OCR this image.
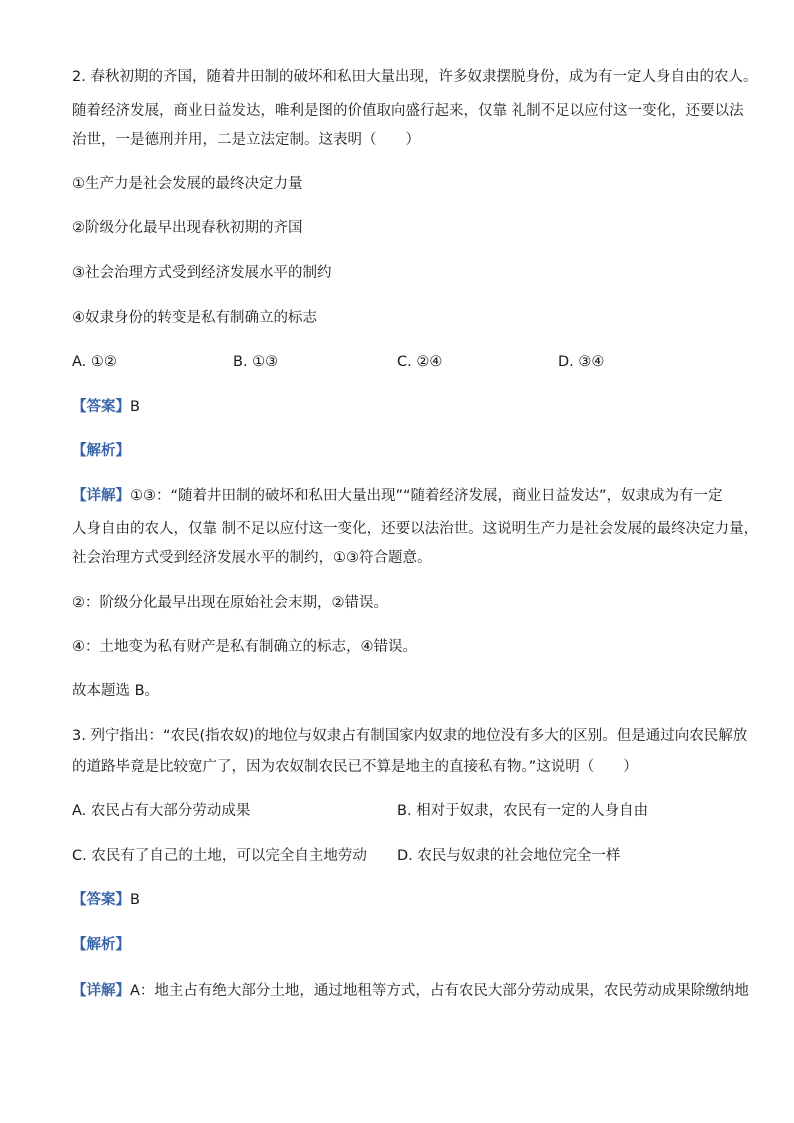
2. 春秋初期的齐国，随着井田制的破坏和私田大量出现，许多奴隶摆脱身份，成为有一定人身自由的农人。
随着经济发展，商业日益发达，唯利是图的价值取向盛行起来，仅靠 礼制不足以应付这一变化，还要以法
治世，一是德刑并用，二是立法定制。这表明（　　）
①生产力是社会发展的最终决定力量
②阶级分化最早出现春秋初期的齐国
③社会治理方式受到经济发展水平的制约
④奴隶身份的转变是私有制确立的标志
A. ①②	B. ①③	C. ②④	D. ③④
【答案】B
【解析】
【详解】①③：“随着井田制的破坏和私田大量出现”“随着经济发展，商业日益发达”，奴隶成为有一定
人身自由的农人，仅靠 制不足以应付这一变化，还要以法治世。这说明生产力是社会发展的最终决定力量，
社会治理方式受到经济发展水平的制约，①③符合题意。
②：阶级分化最早出现在原始社会末期，②错误。
④：土地变为私有财产是私有制确立的标志，④错误。
故本题选 B。
3. 列宁指出：“农民(指农奴)的地位与奴隶占有制国家内奴隶的地位没有多大的区别。但是通过向农民解放
的道路毕竟是比较宽广了，因为农奴制农民已不算是地主的直接私有物。”这说明（　　）
A. 农民占有大部分劳动成果	B. 相对于奴隶，农民有一定的人身自由
C. 农民有了自己的土地，可以完全自主地劳动 D. 农民与奴隶的社会地位完全一样
【答案】B
【解析】
【详解】A：地主占有绝大部分土地，通过地租等方式，占有农民大部分劳动成果，农民劳动成果除缴纳地
